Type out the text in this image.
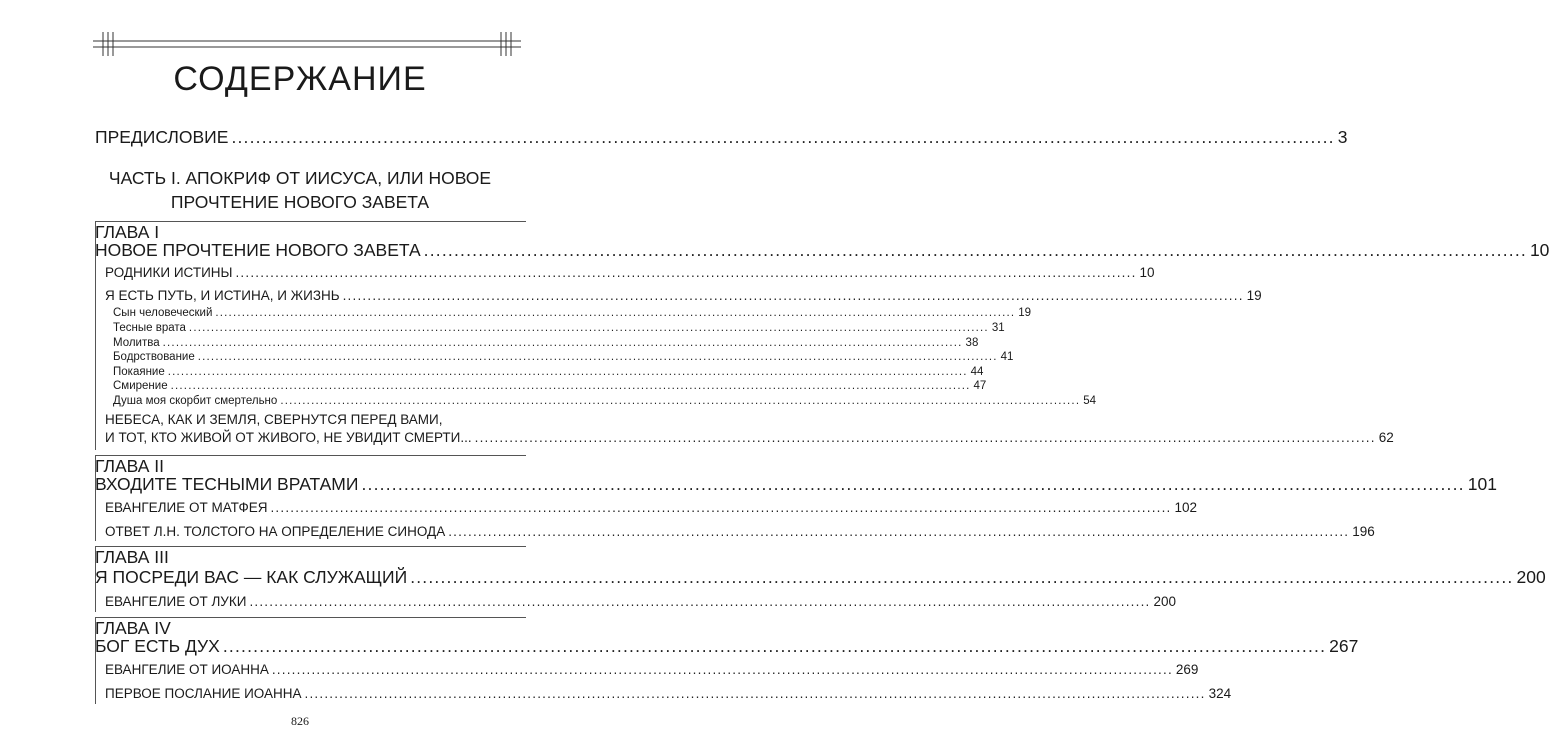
СОДЕРЖАНИЕ
ПРЕДИСЛОВИЕ ...................................................................................................................................................................................... 3
ЧАСТЬ I. АПОКРИФ ОТ ИИСУСА, ИЛИ НОВОЕ
ПРОЧТЕНИЕ НОВОГО ЗАВЕТА
ГЛАВА I
НОВОЕ ПРОЧТЕНИЕ НОВОГО ЗАВЕТА ...................................................................................................................................................................................... 10
РОДНИКИ ИСТИНЫ ...................................................................................................................................................................................... 10
Я ЕСТЬ ПУТЬ, И ИСТИНА, И ЖИЗНЬ ...................................................................................................................................................................................... 19
Сын человеческий ...................................................................................................................................................................................... 19
Тесные врата ...................................................................................................................................................................................... 31
Молитва ...................................................................................................................................................................................... 38
Бодрствование ...................................................................................................................................................................................... 41
Покаяние ...................................................................................................................................................................................... 44
Смирение ...................................................................................................................................................................................... 47
Душа моя скорбит смертельно ...................................................................................................................................................................................... 54
НЕБЕСА, КАК И ЗЕМЛЯ, СВЕРНУТСЯ ПЕРЕД ВАМИ,
И ТОТ, КТО ЖИВОЙ ОТ ЖИВОГО, НЕ УВИДИТ СМЕРТИ... ...................................................................................................................................................................................... 62
ГЛАВА II
ВХОДИТЕ ТЕСНЫМИ ВРАТАМИ ...................................................................................................................................................................................... 101
ЕВАНГЕЛИЕ ОТ МАТФЕЯ ...................................................................................................................................................................................... 102
ОТВЕТ Л.Н. ТОЛСТОГО НА ОПРЕДЕЛЕНИЕ СИНОДА ...................................................................................................................................................................................... 196
ГЛАВА III
Я ПОСРЕДИ ВАС — КАК СЛУЖАЩИЙ ...................................................................................................................................................................................... 200
ЕВАНГЕЛИЕ ОТ ЛУКИ ...................................................................................................................................................................................... 200
ГЛАВА IV
БОГ ЕСТЬ ДУХ ...................................................................................................................................................................................... 267
ЕВАНГЕЛИЕ ОТ ИОАННА ...................................................................................................................................................................................... 269
ПЕРВОЕ ПОСЛАНИЕ ИОАННА ...................................................................................................................................................................................... 324
826
